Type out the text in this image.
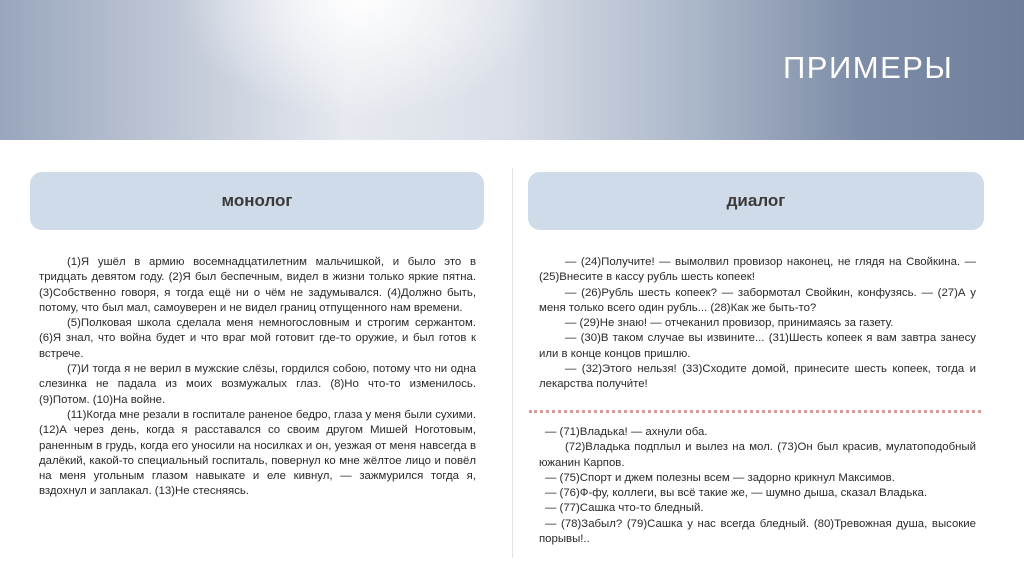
ПРИМЕРЫ
монолог	диалог

(1)Я ушёл в армию восемнадцатилетним мальчишкой, и было это в тридцать девятом году. (2)Я был беспечным, видел в жизни только яркие пятна. (3)Собственно говоря, я тогда ещё ни о чём не задумывался. (4)Должно быть, потому, что был мал, самоуверен и не видел границ отпущенного нам времени.

(5)Полковая школа сделала меня немногословным и строгим сержантом. (6)Я знал, что война будет и что враг мой готовит где-то оружие, и был готов к встрече.

(7)И тогда я не верил в мужские слёзы, гордился собою, потому что ни одна слезинка не падала из моих возмужалых глаз. (8)Но что-то изменилось. (9)Потом. (10)На войне.

(11)Когда мне резали в госпитале раненое бедро, глаза у меня были сухими. (12)А через день, когда я расставался со своим другом Мишей Ноготовым, раненным в грудь, когда его уносили на носилках и он, уезжая от меня навсегда в далёкий, какой-то специальный госпиталь, повернул ко мне жёлтое лицо и повёл на меня угольным глазом навыкате и еле кивнул, — зажмурился тогда я, вздохнул и заплакал. (13)Не стесняясь.

— (24)Получите! — вымолвил провизор наконец, не глядя на Свойкина. — (25)Внесите в кассу рубль шесть копеек!

— (26)Рубль шесть копеек? — забормотал Свойкин, конфузясь. — (27)А у меня только всего один рубль... (28)Как же быть-то?

— (29)Не знаю! — отчеканил провизор, принимаясь за газету.

— (30)В таком случае вы извините... (31)Шесть копеек я вам завтра занесу или в конце концов пришлю.

— (32)Этого нельзя! (33)Сходите домой, принесите шесть копеек, тогда и лекарства получи́те!

— (71)Владька! — ахнули оба.

(72)Владька подплыл и вылез на мол. (73)Он был красив, мулатоподобный южанин Карпов.

— (75)Спорт и джем полезны всем — задорно крикнул Максимов.

— (76)Ф-фу, коллеги, вы всё такие же, — шумно дыша, сказал Владька.

— (77)Сашка что-то бледный.

— (78)Забыл? (79)Сашка у нас всегда бледный. (80)Тревожная душа, высокие порывы!..
